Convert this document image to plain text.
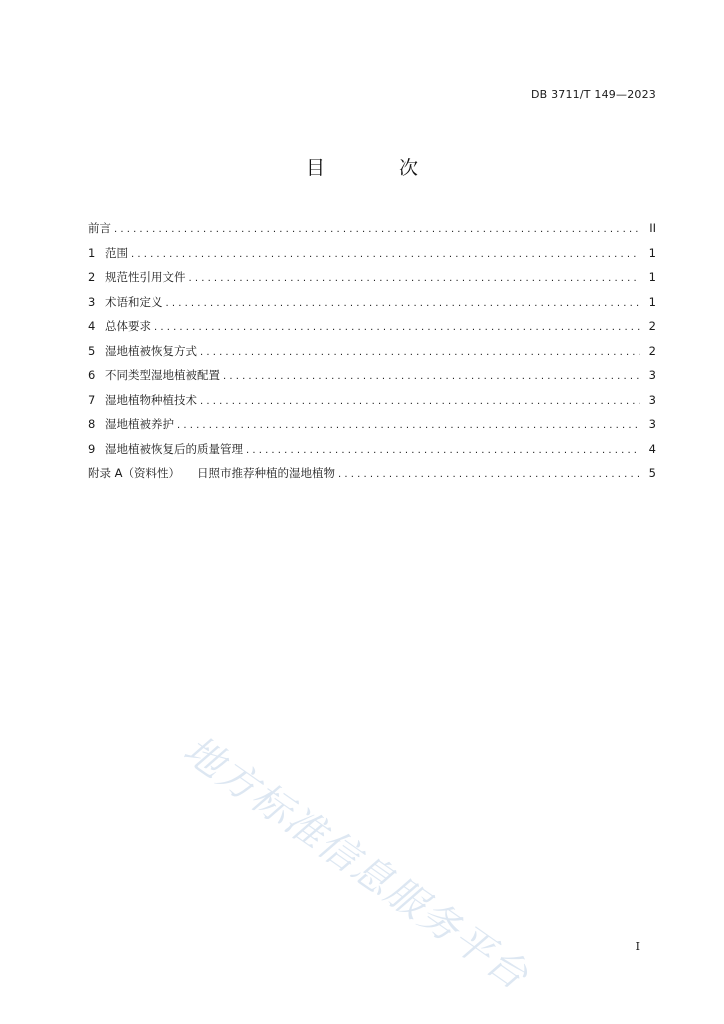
DB 3711/T 149—2023
目 次
前言 . . .	II
1 范围 . . .	1
2 规范性引用文件 . . .	1
3 术语和定义 . . .	1
4 总体要求 . . .	2
5 湿地植被恢复方式 . . .	2
6 不同类型湿地植被配置 . . .	3
7 湿地植物种植技术 . . .	3
8 湿地植被养护 . . .	3
9 湿地植被恢复后的质量管理 . . .	4
附录 A（资料性）	日照市推荐种植的湿地植物 . . .	5
地方标准信息服务平台	I
